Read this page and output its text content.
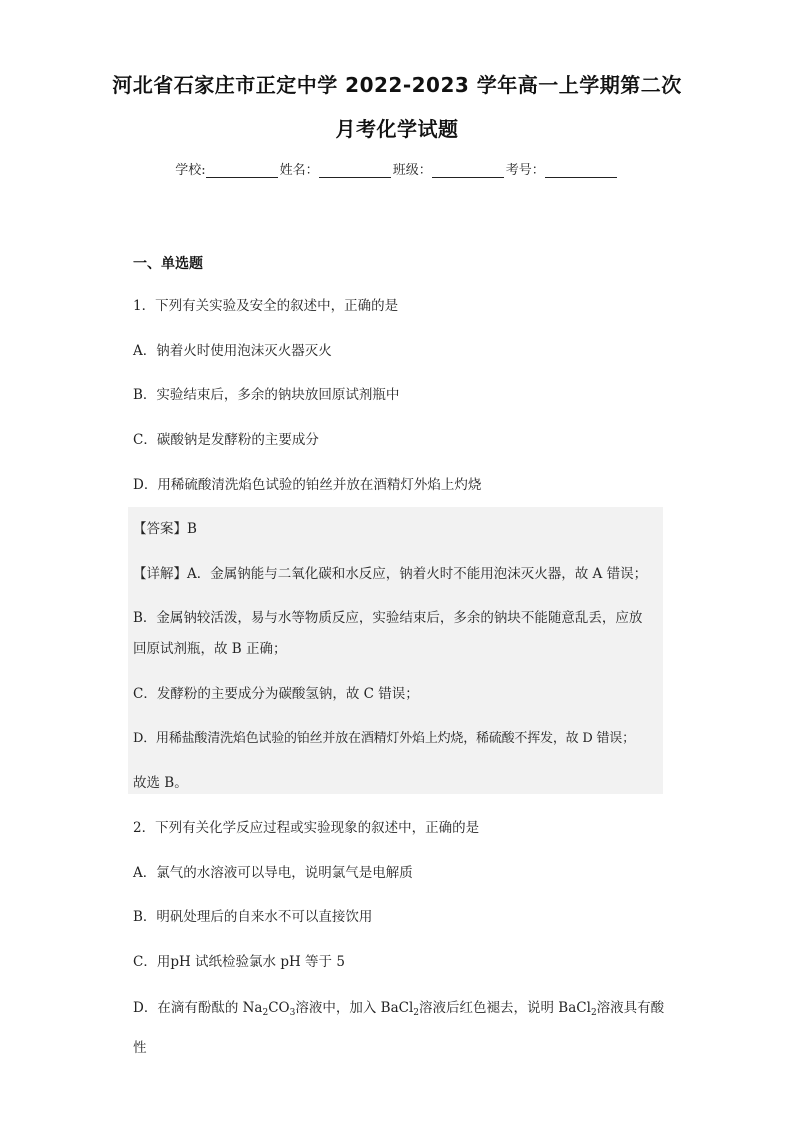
河北省石家庄市正定中学 2022-2023 学年高一上学期第二次
月考化学试题
学校:	姓名：	班级：	考号：
一、单选题
1．下列有关实验及安全的叙述中，正确的是
A．钠着火时使用泡沫灭火器灭火
B．实验结束后，多余的钠块放回原试剂瓶中
C．碳酸钠是发酵粉的主要成分
D．用稀硫酸清洗焰色试验的铂丝并放在酒精灯外焰上灼烧
【答案】B
【详解】A．金属钠能与二氧化碳和水反应，钠着火时不能用泡沫灭火器，故 A 错误；
B．金属钠较活泼，易与水等物质反应，实验结束后，多余的钠块不能随意乱丢，应放
回原试剂瓶，故 B 正确；
C．发酵粉的主要成分为碳酸氢钠，故 C 错误；
D．用稀盐酸清洗焰色试验的铂丝并放在酒精灯外焰上灼烧，稀硫酸不挥发，故 D 错误；
故选 B。
2．下列有关化学反应过程或实验现象的叙述中，正确的是
A．氯气的水溶液可以导电，说明氯气是电解质
B．明矾处理后的自来水不可以直接饮用
C．用pH 试纸检验氯水 pH 等于 5
D．在滴有酚酞的 $Na_2CO_3$溶液中，加入 BaCl$_2$溶液后红色褪去，说明 BaCl$_2$溶液具有酸
性
